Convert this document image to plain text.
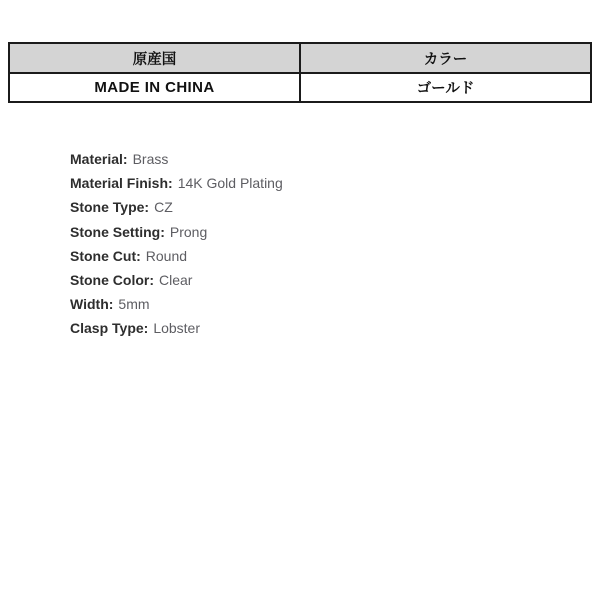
原産国	カラー
MADE IN CHINA	ゴールド
Material: Brass
Material Finish: 14K Gold Plating
Stone Type: CZ
Stone Setting: Prong
Stone Cut: Round
Stone Color: Clear
Width: 5mm
Clasp Type: Lobster
